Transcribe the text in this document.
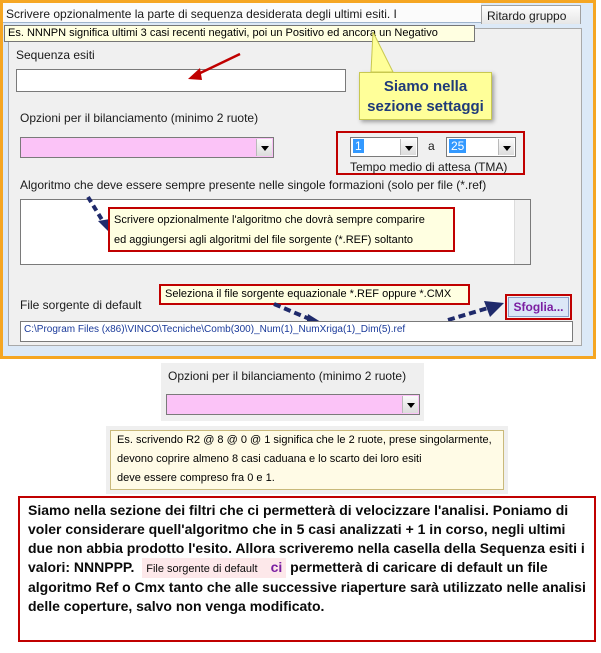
Scrivere opzionalmente la parte di sequenza desiderata degli ultimi esiti. I	Ritardo gruppo
Es. NNNPN significa ultimi 3 casi recenti negativi, poi un Positivo ed ancora un Negativo
Sequenza esiti
Siamo nella
sezione settaggi
Opzioni per il bilanciamento (minimo 2 ruote)
1	a 25
Tempo medio di attesa (TMA)
Algoritmo che deve essere sempre presente nelle singole formazioni (solo per file (*.ref)
Scrivere opzionalmente l'algoritmo che dovrà sempre comparire
ed aggiungersi agli algoritmi del file sorgente (*.REF) soltanto
File sorgente di default
Seleziona il file sorgente equazionale *.REF oppure *.CMX
Sfoglia...
C:\Program Files (x86)\VINCO\Tecniche\Comb(300)_Num(1)_NumXriga(1)_Dim(5).ref
Opzioni per il bilanciamento (minimo 2 ruote)
Es. scrivendo R2 @ 8 @ 0 @ 1 significa che le 2 ruote, prese singolarmente,
devono coprire almeno 8 casi caduana e lo scarto dei loro esiti
deve essere compreso fra 0 e 1.
Siamo nella sezione dei filtri che ci permetterà di velocizzare l'analisi. Poniamo di voler considerare quell'algoritmo che in 5 casi analizzati + 1 in corso, negli ultimi due non abbia prodotto l'esito. Allora scriveremo nella casella della Sequenza esiti i valori: NNNPPP. File sorgente di default ci permetterà di caricare di default un file algoritmo Ref o Cmx tanto che alle successive riaperture sarà utilizzato nelle analisi delle coperture, salvo non venga modificato.
